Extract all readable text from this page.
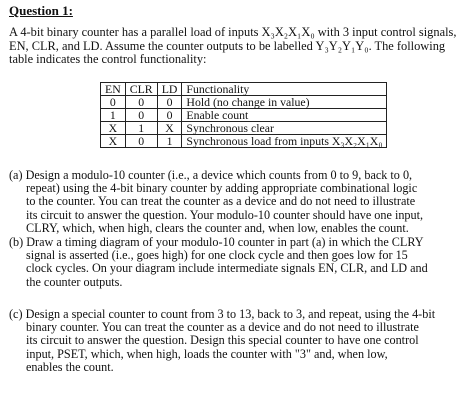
Question 1:
A 4-bit binary counter has a parallel load of inputs X₃X₂X₁X₀ with 3 input control signals,
EN, CLR, and LD. Assume the counter outputs to be labelled Y₃Y₂Y₁Y₀. The following
table indicates the control functionality:
EN	CLR	LD	Functionality
0	0	0	Hold (no change in value)
1	0	0	Enable count
X	1	X	Synchronous clear
X	0	1	Synchronous load from inputs X₃X₂X₁X₀
(a) Design a modulo-10 counter (i.e., a device which counts from 0 to 9, back to 0,
repeat) using the 4-bit binary counter by adding appropriate combinational logic
to the counter. You can treat the counter as a device and do not need to illustrate
its circuit to answer the question. Your modulo-10 counter should have one input,
CLRY, which, when high, clears the counter and, when low, enables the count.
(b) Draw a timing diagram of your modulo-10 counter in part (a) in which the CLRY
signal is asserted (i.e., goes high) for one clock cycle and then goes low for 15
clock cycles. On your diagram include intermediate signals EN, CLR, and LD and
the counter outputs.
(c) Design a special counter to count from 3 to 13, back to 3, and repeat, using the 4-bit
binary counter. You can treat the counter as a device and do not need to illustrate
its circuit to answer the question. Design this special counter to have one control
input, PSET, which, when high, loads the counter with "3" and, when low,
enables the count.
